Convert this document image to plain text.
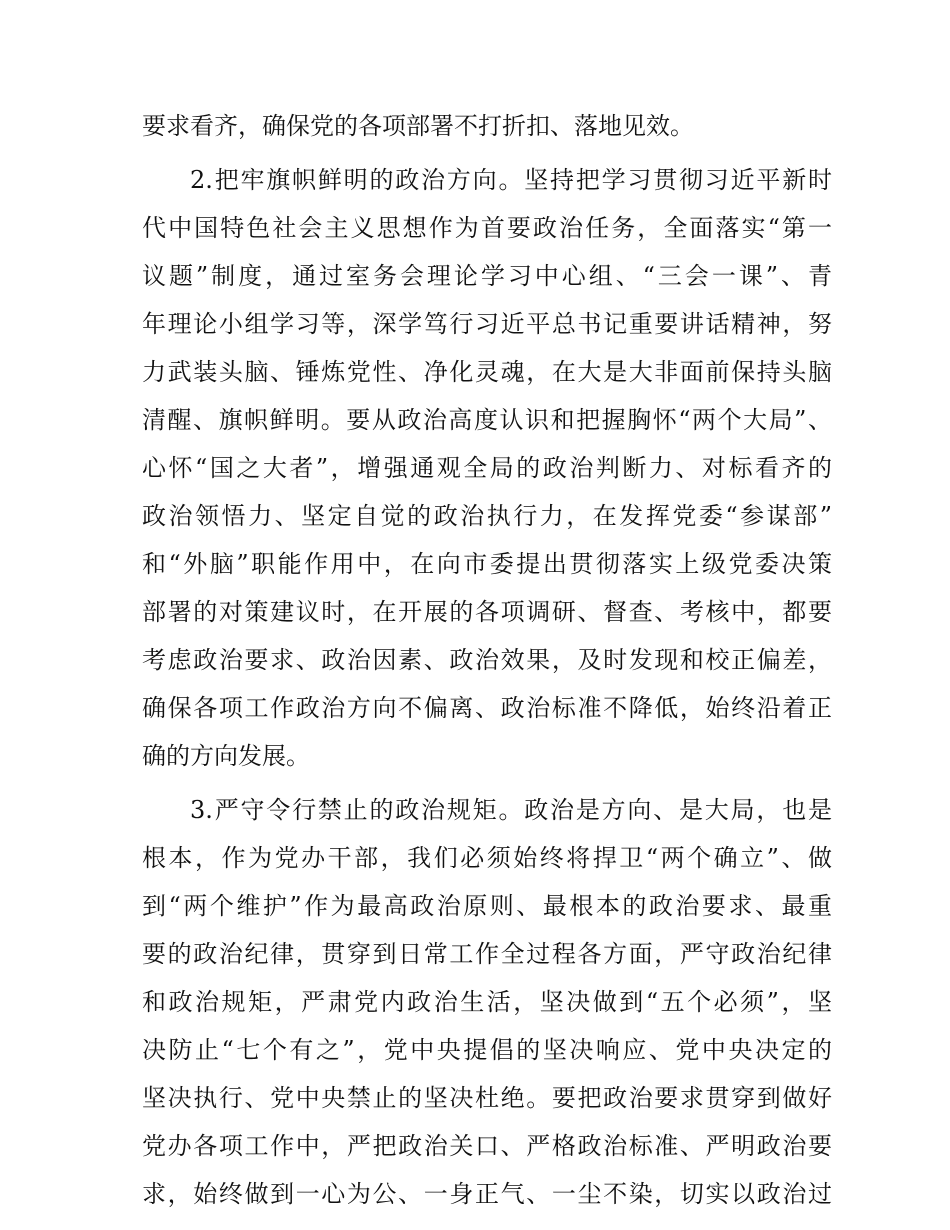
要求看齐，确保党的各项部署不打折扣、落地见效。
2.把牢旗帜鲜明的政治方向。坚持把学习贯彻习近平新时
代中国特色社会主义思想作为首要政治任务，全面落实“第一
议题”制度，通过室务会理论学习中心组、“三会一课”、青
年理论小组学习等，深学笃行习近平总书记重要讲话精神，努
力武装头脑、锤炼党性、净化灵魂，在大是大非面前保持头脑
清醒、旗帜鲜明。要从政治高度认识和把握胸怀“两个大局”、
心怀“国之大者”，增强通观全局的政治判断力、对标看齐的
政治领悟力、坚定自觉的政治执行力，在发挥党委“参谋部”
和“外脑”职能作用中，在向市委提出贯彻落实上级党委决策
部署的对策建议时，在开展的各项调研、督查、考核中，都要
考虑政治要求、政治因素、政治效果，及时发现和校正偏差，
确保各项工作政治方向不偏离、政治标准不降低，始终沿着正
确的方向发展。
3.严守令行禁止的政治规矩。政治是方向、是大局，也是
根本，作为党办干部，我们必须始终将捍卫“两个确立”、做
到“两个维护”作为最高政治原则、最根本的政治要求、最重
要的政治纪律，贯穿到日常工作全过程各方面，严守政治纪律
和政治规矩，严肃党内政治生活，坚决做到“五个必须”，坚
决防止“七个有之”，党中央提倡的坚决响应、党中央决定的
坚决执行、党中央禁止的坚决杜绝。要把政治要求贯穿到做好
党办各项工作中，严把政治关口、严格政治标准、严明政治要
求，始终做到一心为公、一身正气、一尘不染，切实以政治过
